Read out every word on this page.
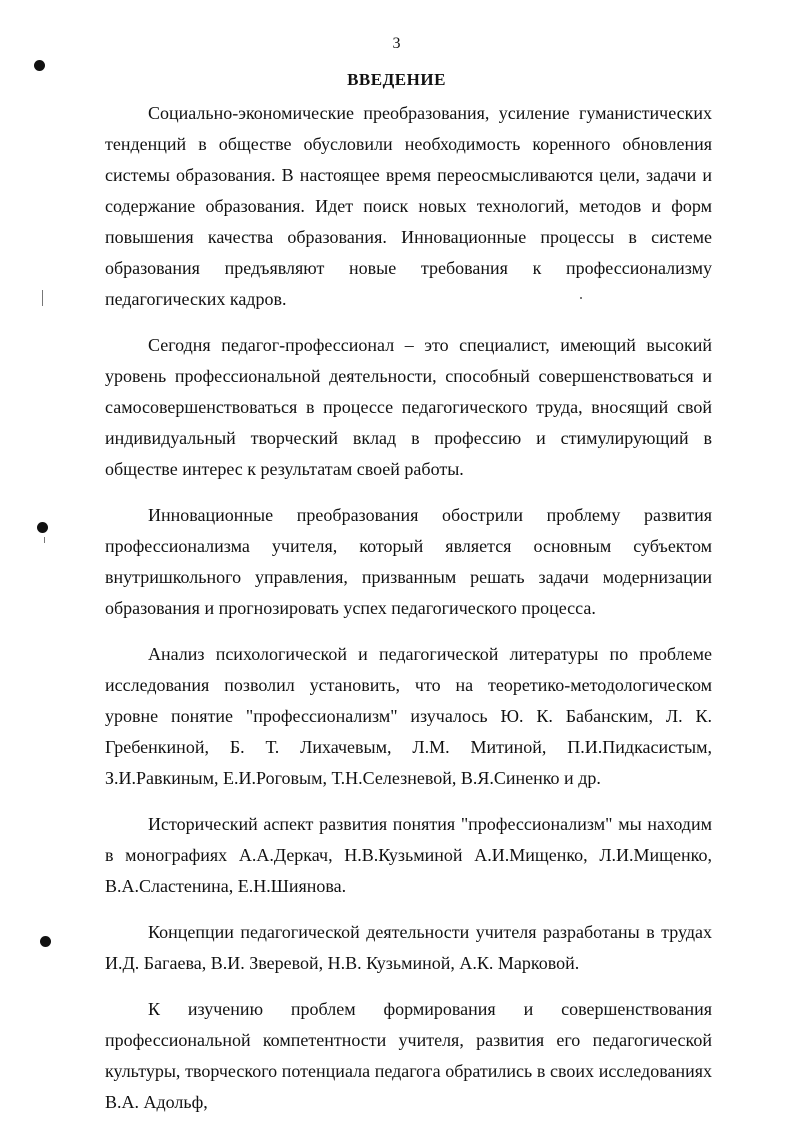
3
ВВЕДЕНИЕ

Социально-экономические преобразования, усиление гуманистических тенденций в обществе обусловили необходимость коренного обновления системы образования. В настоящее время переосмысливаются цели, задачи и содержание образования. Идет поиск новых технологий, методов и форм повышения качества образования. Инновационные процессы в системе образования предъявляют новые требования к профессионализму педагогических кадров.

Сегодня педагог-профессионал – это специалист, имеющий высокий уровень профессиональной деятельности, способный совершенствоваться и самосовершенствоваться в процессе педагогического труда, вносящий свой индивидуальный творческий вклад в профессию и стимулирующий в обществе интерес к результатам своей работы.

Инновационные преобразования обострили проблему развития профессионализма учителя, который является основным субъектом внутришкольного управления, призванным решать задачи модернизации образования и прогнозировать успех педагогического процесса.

Анализ психологической и педагогической литературы по проблеме исследования позволил установить, что на теоретико-методологическом уровне понятие "профессионализм" изучалось Ю. К. Бабанским, Л. К. Гребенкиной, Б. Т. Лихачевым, Л.М. Митиной, П.И.Пидкасистым, З.И.Равкиным, Е.И.Роговым, Т.Н.Селезневой, В.Я.Синенко и др.

Исторический аспект развития понятия "профессионализм" мы находим в монографиях А.А.Деркач, Н.В.Кузьминой А.И.Мищенко, Л.И.Мищенко, В.А.Сластенина, Е.Н.Шиянова.

Концепции педагогической деятельности учителя разработаны в трудах И.Д. Багаева, В.И. Зверевой, Н.В. Кузьминой, А.К. Марковой.

К изучению проблем формирования и совершенствования профессиональной компетентности учителя, развития его педагогической культуры, творческого потенциала педагога обратились в своих исследованиях В.А. Адольф,
